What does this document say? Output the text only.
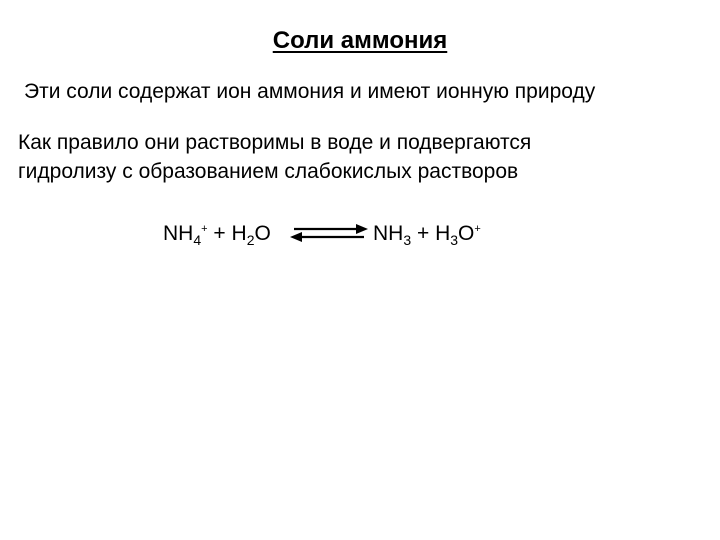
Соли аммония
Эти соли содержат ион аммония и имеют ионную природу
Как правило они растворимы в воде и подвергаются
гидролизу с образованием слабокислых растворов
$NH_4^+ + H_2O$ ⇌ $NH_3 + H_3O^+$
